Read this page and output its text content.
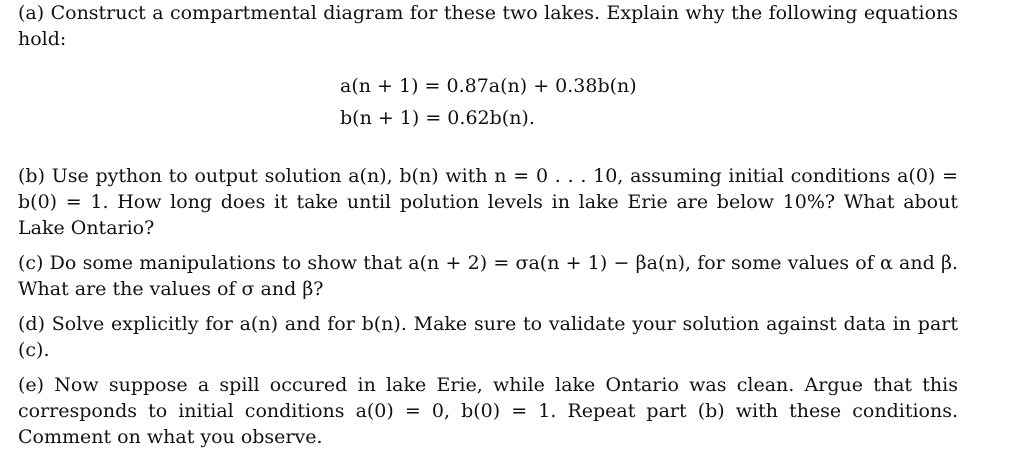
(a) Construct a compartmental diagram for these two lakes. Explain why the following equations hold:

a(n + 1) = 0.87a(n) + 0.38b(n)
b(n + 1) = 0.62b(n).

(b) Use python to output solution a(n), b(n) with n = 0 . . . 10, assuming initial conditions a(0) = b(0) = 1. How long does it take until polution levels in lake Erie are below 10%? What about Lake Ontario?

(c) Do some manipulations to show that a(n + 2) = σa(n + 1) − βa(n), for some values of α and β. What are the values of σ and β?

(d) Solve explicitly for a(n) and for b(n). Make sure to validate your solution against data in part (c).

(e) Now suppose a spill occured in lake Erie, while lake Ontario was clean. Argue that this corresponds to initial conditions a(0) = 0, b(0) = 1. Repeat part (b) with these conditions. Comment on what you observe.
